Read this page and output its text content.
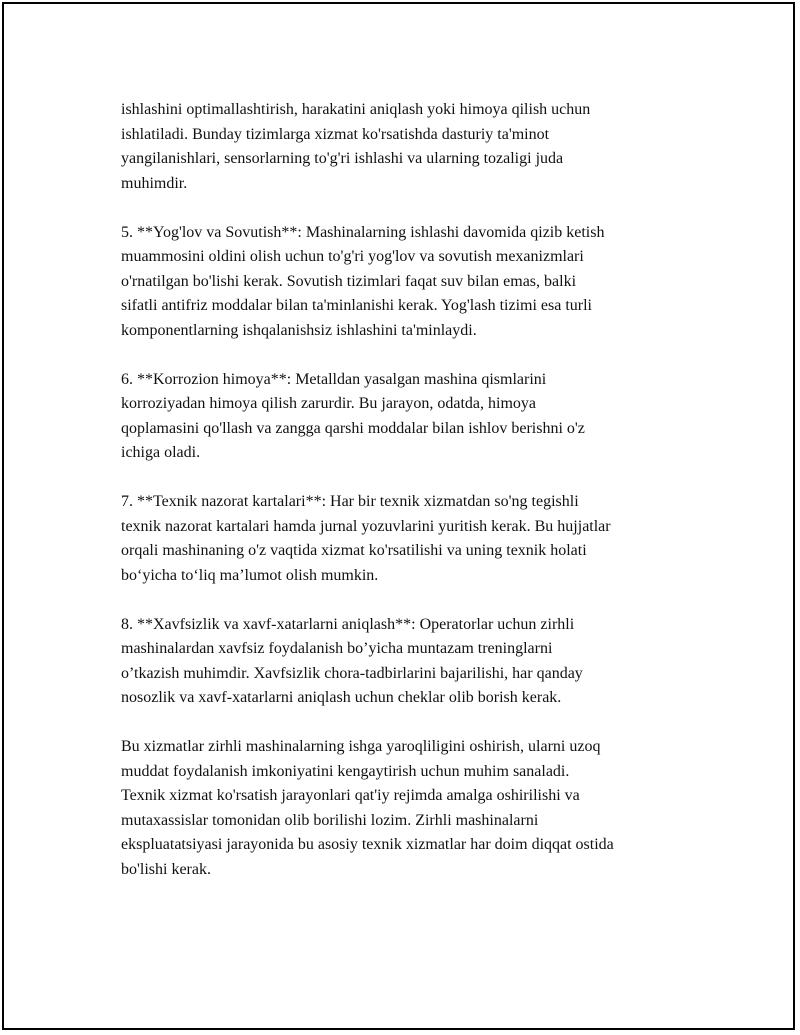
ishlashini optimallashtirish, harakatini aniqlash yoki himoya qilish uchun
ishlatiladi. Bunday tizimlarga xizmat ko'rsatishda dasturiy ta'minot
yangilanishlari, sensorlarning to'g'ri ishlashi va ularning tozaligi juda
muhimdir.

5. **Yog'lov va Sovutish**: Mashinalarning ishlashi davomida qizib ketish
muammosini oldini olish uchun to'g'ri yog'lov va sovutish mexanizmlari
o'rnatilgan bo'lishi kerak. Sovutish tizimlari faqat suv bilan emas, balki
sifatli antifriz moddalar bilan ta'minlanishi kerak. Yog'lash tizimi esa turli
komponentlarning ishqalanishsiz ishlashini ta'minlaydi.

6. **Korrozion himoya**: Metalldan yasalgan mashina qismlarini
korroziyadan himoya qilish zarurdir. Bu jarayon, odatda, himoya
qoplamasini qo'llash va zangga qarshi moddalar bilan ishlov berishni o'z
ichiga oladi.

7. **Texnik nazorat kartalari**: Har bir texnik xizmatdan so'ng tegishli
texnik nazorat kartalari hamda jurnal yozuvlarini yuritish kerak. Bu hujjatlar
orqali mashinaning o'z vaqtida xizmat ko'rsatilishi va uning texnik holati
bo‘yicha to‘liq ma’lumot olish mumkin.

8. **Xavfsizlik va xavf-xatarlarni aniqlash**: Operatorlar uchun zirhli
mashinalardan xavfsiz foydalanish bo’yicha muntazam treninglarni
o’tkazish muhimdir. Xavfsizlik chora-tadbirlarini bajarilishi, har qanday
nosozlik va xavf-xatarlarni aniqlash uchun cheklar olib borish kerak.

Bu xizmatlar zirhli mashinalarning ishga yaroqliligini oshirish, ularni uzoq
muddat foydalanish imkoniyatini kengaytirish uchun muhim sanaladi.
Texnik xizmat ko'rsatish jarayonlari qat'iy rejimda amalga oshirilishi va
mutaxassislar tomonidan olib borilishi lozim. Zirhli mashinalarni
ekspluatatsiyasi jarayonida bu asosiy texnik xizmatlar har doim diqqat ostida
bo'lishi kerak.
